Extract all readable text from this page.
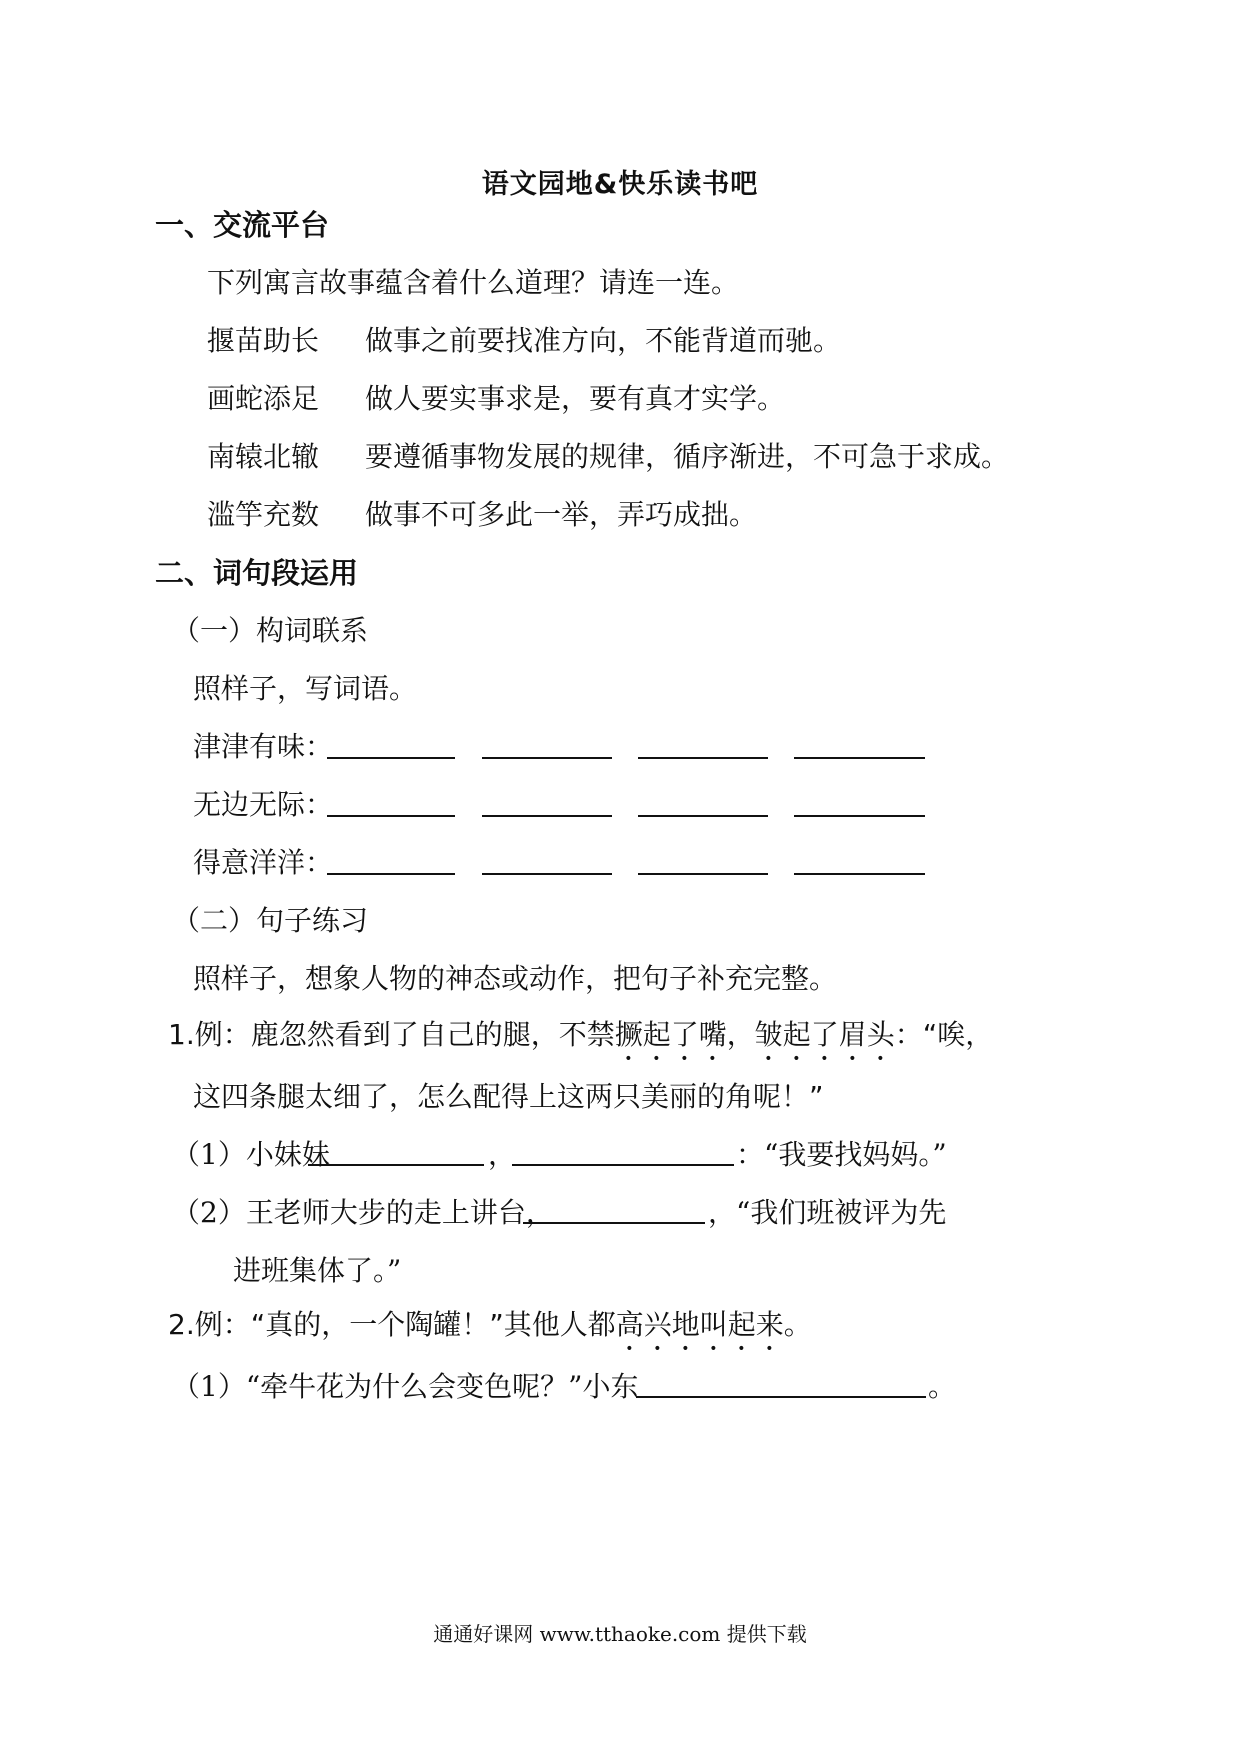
语文园地&快乐读书吧
一、交流平台
下列寓言故事蕴含着什么道理？请连一连。
揠苗助长 做事之前要找准方向，不能背道而驰。
画蛇添足 做人要实事求是，要有真才实学。
南辕北辙 要遵循事物发展的规律，循序渐进，不可急于求成。
滥竽充数 做事不可多此一举，弄巧成拙。
二、词句段运用
（一）构词联系
照样子，写词语。
津津有味：
无边无际：
得意洋洋：
（二）句子练习
照样子，想象人物的神态或动作，把句子补充完整。
1.例：鹿忽然看到了自己的腿，不禁撅起了嘴，皱起了眉头：“唉，
这四条腿太细了，怎么配得上这两只美丽的角呢！”
（1）小妹妹	，	：“我要找妈妈。”
（2）王老师大步的走上讲台，	，“我们班被评为先
进班集体了。”
2.例：“真的，一个陶罐！”其他人都高兴地叫起来。
（1）“牵牛花为什么会变色呢？”小东	。
通通好课网 www.tthaoke.com 提供下载
